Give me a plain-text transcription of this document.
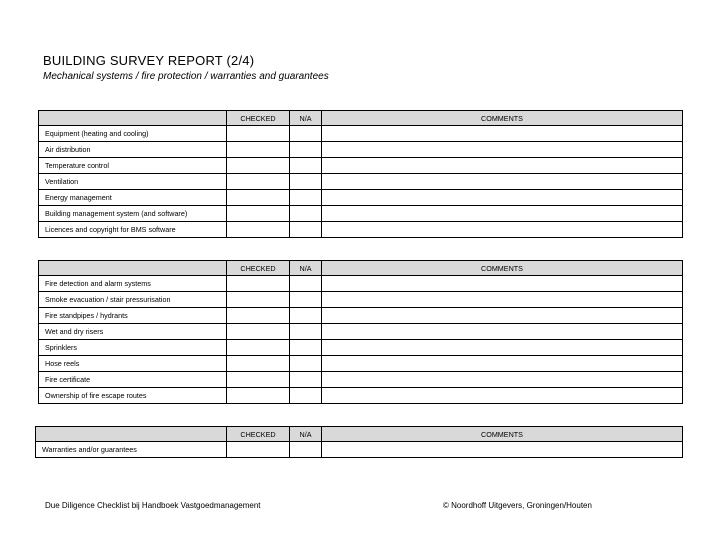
BUILDING SURVEY REPORT (2/4)
Mechanical systems / fire protection / warranties and guarantees
	CHECKED	N/A	COMMENTS
Equipment (heating and cooling)			
Air distribution			
Temperature control			
Ventilation			
Energy management			
Building management system (and software)			
Licences and copyright for BMS software			
	CHECKED	N/A	COMMENTS
Fire detection and alarm systems			
Smoke evacuation / stair pressurisation			
Fire standpipes / hydrants			
Wet and dry risers			
Sprinklers			
Hose reels			
Fire certificate			
Ownership of fire escape routes			
	CHECKED	N/A	COMMENTS
Warranties and/or guarantees			
Due Diligence Checklist bij Handboek Vastgoedmanagement	© Noordhoff Uitgevers, Groningen/Houten
